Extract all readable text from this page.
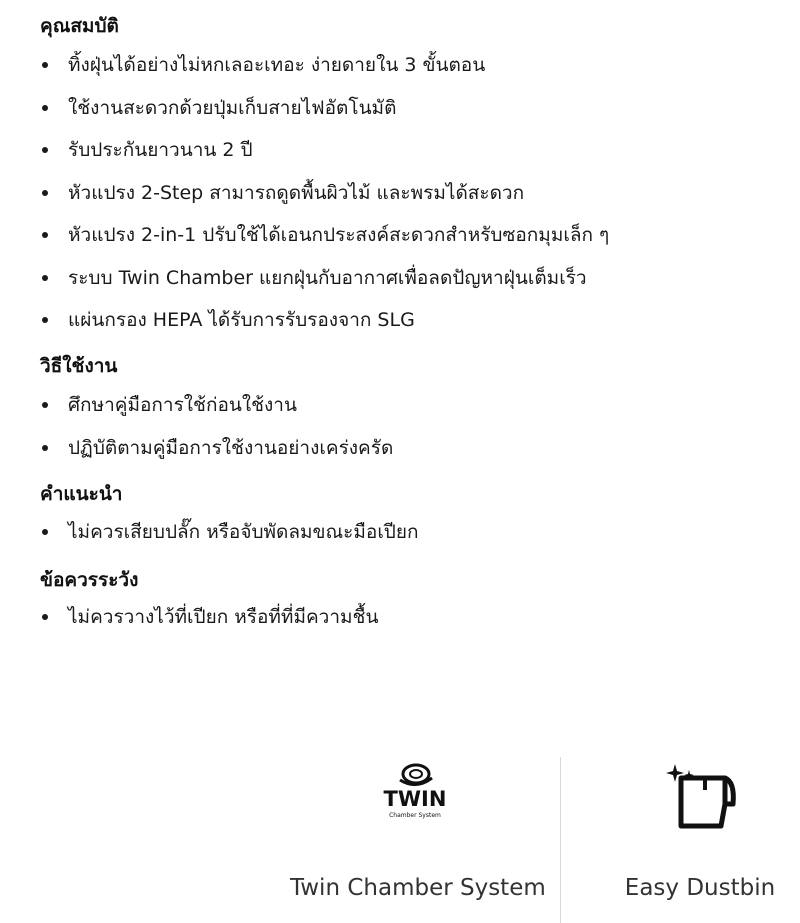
คุณสมบัติ
ทิ้งฝุ่นได้อย่างไม่หกเลอะเทอะ ง่ายดายใน 3 ขั้นตอน
ใช้งานสะดวกด้วยปุ่มเก็บสายไฟอัตโนมัติ
รับประกันยาวนาน 2 ปี
หัวแปรง 2-Step สามารถดูดพื้นผิวไม้ และพรมได้สะดวก
หัวแปรง 2-in-1 ปรับใช้ได้เอนกประสงค์สะดวกสำหรับซอกมุมเล็ก ๆ
ระบบ Twin Chamber แยกฝุ่นกับอากาศเพื่อลดปัญหาฝุ่นเต็มเร็ว
แผ่นกรอง HEPA ได้รับการรับรองจาก SLG
วิธีใช้งาน
ศึกษาคู่มือการใช้ก่อนใช้งาน
ปฏิบัติตามคู่มือการใช้งานอย่างเคร่งครัด
คำแนะนำ
ไม่ควรเสียบปลั๊ก หรือจับพัดลมขณะมือเปียก
ข้อควรระวัง
ไม่ควรวางไว้ที่เปียก หรือที่ที่มีความชื้น
TWIN
Chamber System
Twin Chamber System	Easy Dustbin
